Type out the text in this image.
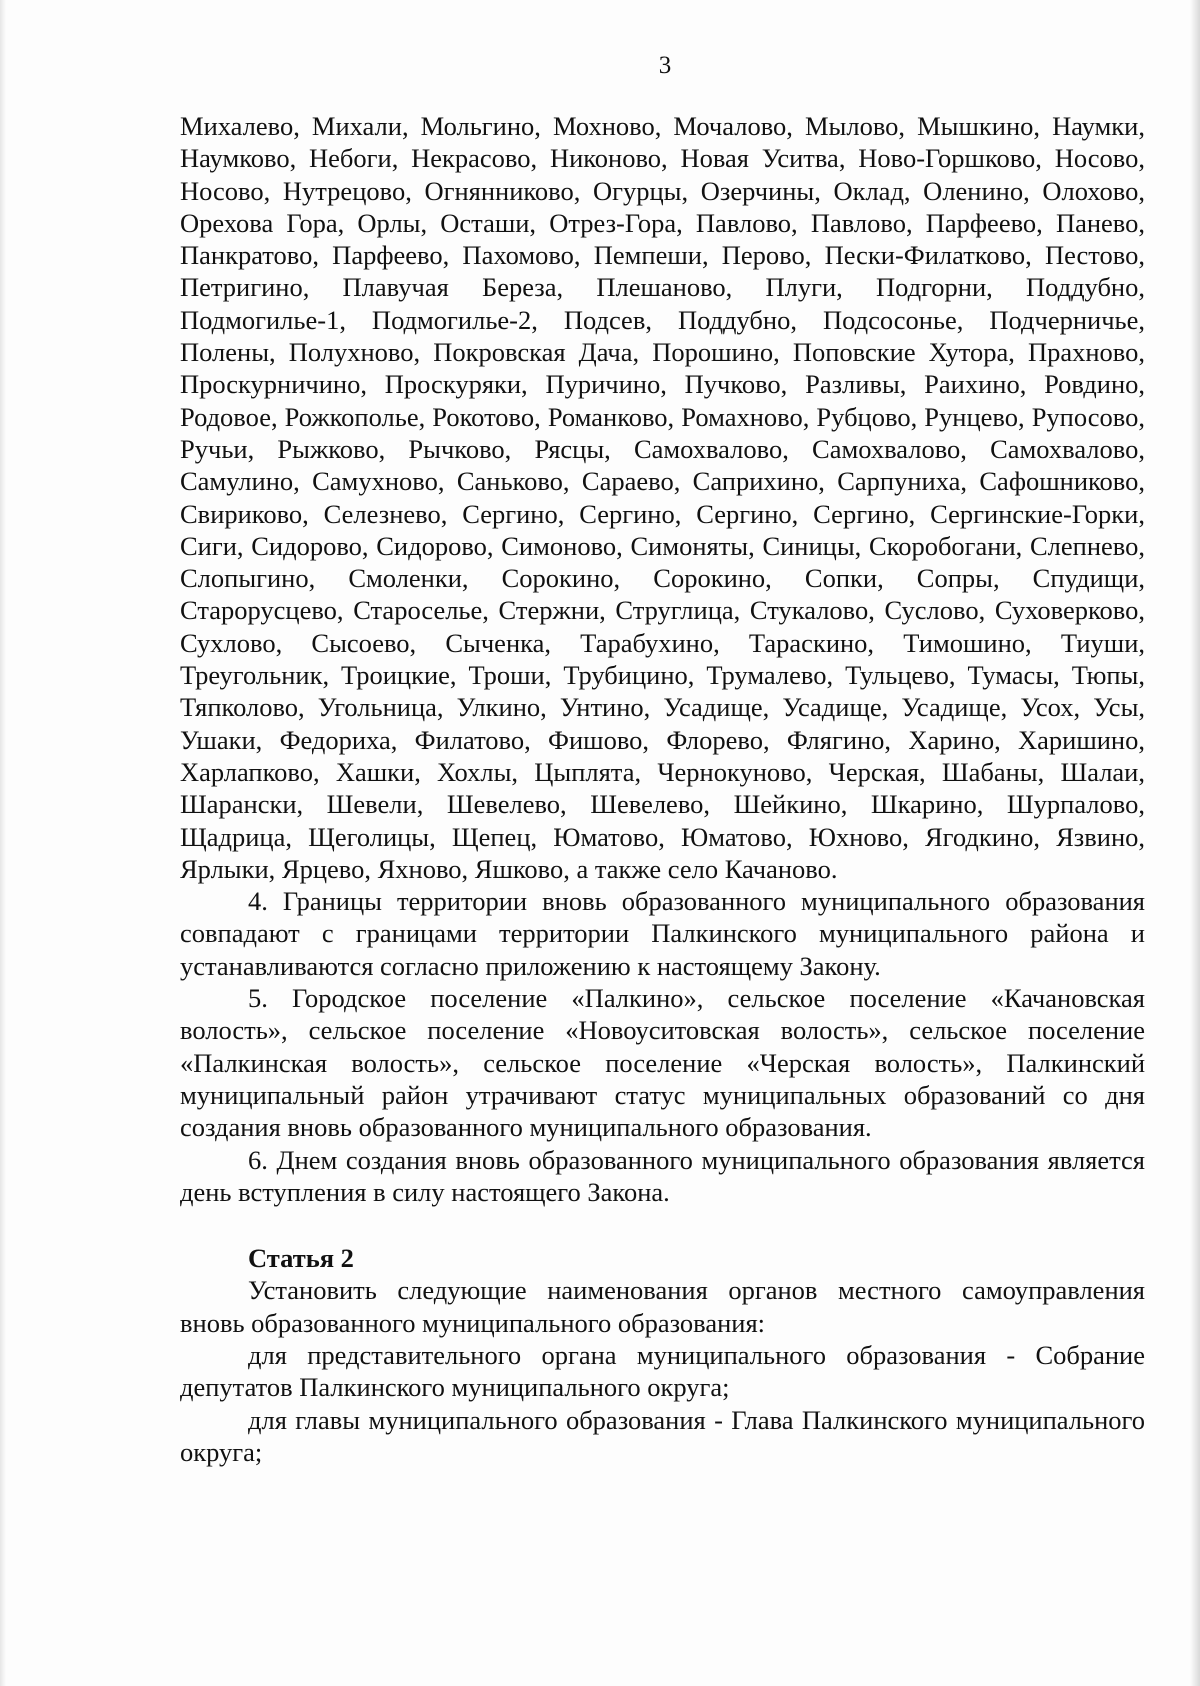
3

Михалево, Михали, Мольгино, Мохново, Мочалово, Мылово, Мышкино, Наумки, Наумково, Небоги, Некрасово, Никоново, Новая Уситва, Ново-Горшково, Носово, Носово, Нутрецово, Огнянниково, Огурцы, Озерчины, Оклад, Оленино, Олохово, Орехова Гора, Орлы, Осташи, Отрез-Гора, Павлово, Павлово, Парфеево, Панево, Панкратово, Парфеево, Пахомово, Пемпеши, Перово, Пески-Филатково, Пестово, Петригино, Плавучая Береза, Плешаново, Плуги, Подгорни, Поддубно, Подмогилье-1, Подмогилье-2, Подсев, Поддубно, Подсосонье, Подчерничье, Полены, Полухново, Покровская Дача, Порошино, Поповские Хутора, Прахново, Проскурничино, Проскуряки, Пуричино, Пучково, Разливы, Раихино, Ровдино, Родовое, Рожкополье, Рокотово, Романково, Ромахново, Рубцово, Рунцево, Рупосово, Ручьи, Рыжково, Рычково, Рясцы, Самохвалово, Самохвалово, Самохвалово, Самулино, Самухново, Саньково, Сараево, Саприхино, Сарпуниха, Сафошниково, Свириково, Селезнево, Сергино, Сергино, Сергино, Сергино, Сергинские-Горки, Сиги, Сидорово, Сидорово, Симоново, Симоняты, Синицы, Скоробогани, Слепнево, Слопыгино, Смоленки, Сорокино, Сорокино, Сопки, Сопры, Спудищи, Старорусцево, Староселье, Стержни, Струглица, Стукалово, Суслово, Суховерково, Сухлово, Сысоево, Сыченка, Тарабухино, Тараскино, Тимошино, Тиуши, Треугольник, Троицкие, Троши, Трубицино, Трумалево, Тульцево, Тумасы, Тюпы, Тяпколово, Угольница, Улкино, Унтино, Усадище, Усадище, Усадище, Усох, Усы, Ушаки, Федориха, Филатово, Фишово, Флорево, Флягино, Харино, Харишино, Харлапково, Хашки, Хохлы, Цыплята, Чернокуново, Черская, Шабаны, Шалаи, Шарански, Шевели, Шевелево, Шевелево, Шейкино, Шкарино, Шурпалово, Щадрица, Щеголицы, Щепец, Юматово, Юматово, Юхново, Ягодкино, Язвино, Ярлыки, Ярцево, Яхново, Яшково, а также село Качаново.

4. Границы территории вновь образованного муниципального образования совпадают с границами территории Палкинского муниципального района и устанавливаются согласно приложению к настоящему Закону.

5. Городское поселение «Палкино», сельское поселение «Качановская волость», сельское поселение «Новоуситовская волость», сельское поселение «Палкинская волость», сельское поселение «Черская волость», Палкинский муниципальный район утрачивают статус муниципальных образований со дня создания вновь образованного муниципального образования.

6. Днем создания вновь образованного муниципального образования является день вступления в силу настоящего Закона.

Статья 2

Установить следующие наименования органов местного самоуправления вновь образованного муниципального образования:

для представительного органа муниципального образования - Собрание депутатов Палкинского муниципального округа;

для главы муниципального образования - Глава Палкинского муниципального округа;
